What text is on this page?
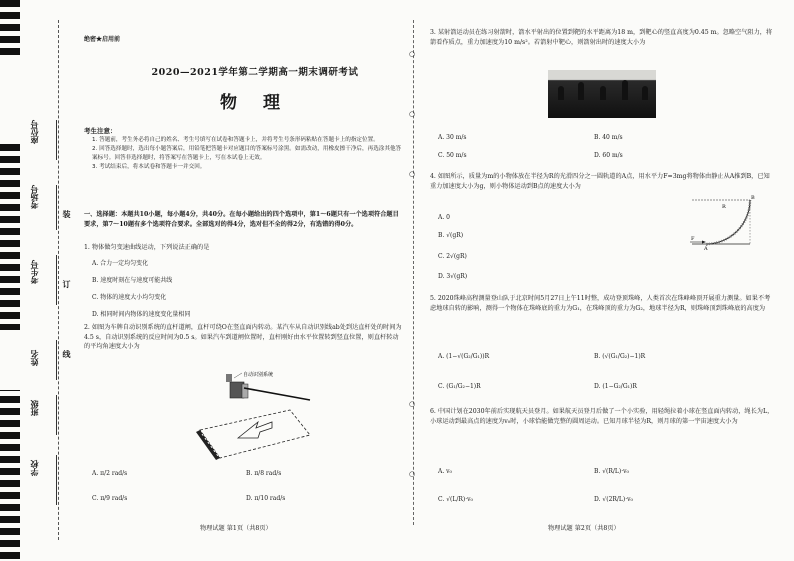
座位号
考场号
考生号
姓名
班级
学校
装
订
线
绝密★启用前
2020—2021学年第二学期高一期末调研考试
物 理
考生注意：

1. 答题前，考生务必将自己的姓名、考生号填写在试卷和答题卡上，并将考生号条形码粘贴在答题卡上的指定位置。

2. 回答选择题时，选出每小题答案后，用铅笔把答题卡对应题目的答案标号涂黑。如需改动，用橡皮擦干净后，再选涂其他答案标号。回答非选择题时，将答案写在答题卡上，写在本试卷上无效。

3. 考试结束后，将本试卷和答题卡一并交回。

一、选择题：本题共10小题，每小题4分，共40分。在每小题给出的四个选项中，第1～6题只有一个选项符合题目要求，第7～10题有多个选项符合要求。全部选对的得4分，选对但不全的得2分，有选错的得0分。
1. 物体做匀变速曲线运动，下列说法正确的是
A. 合力一定均匀变化
B. 速度时刻在与速度可能共线
C. 物体的速度大小均匀变化
D. 相同时间内物体的速度变化量相同
2. 如图为车牌自动识别系统的直杆道闸，直杆可绕O在竖直面内转动。某汽车从自动识别线ab处到达直杆处的时间为4.5 s，自动识别系统的反应时间为0.5 s。如果汽车到道闸位置时，直杆刚好由水平位置转到竖直位置，则直杆转动的平均角速度大小为
自动识别系统
A. π/2 rad/s	B. π/8 rad/s
C. π/9 rad/s	D. π/10 rad/s
物理试题 第1页（共8页）
○
○
○
○
○
3. 某射箭运动员在练习射箭时，箭水平射出的位置到靶的水平距离为18 m，到靶心的竖直高度为0.45 m。忽略空气阻力，将箭看作质点，重力加速度为10 m/s²。若箭射中靶心，则箭射出时的速度大小为
A. 30 m/s	B. 40 m/s
C. 50 m/s	D. 60 m/s
4. 如图所示，质量为m的小物体放在半径为R的光滑四分之一圆轨道的A点，用水平力F=3mg将物体由静止从A推到B，已知重力加速度大小为g，则小物体运动到B点的速度大小为
R
B
A
F
A. 0
B. √(gR)
C. 2√(gR)
D. 3√(gR)
5. 2020珠峰高程测量登山队于北京时间5月27日上午11时整，成功登顶珠峰，人类首次在珠峰峰顶开展重力测量。如果不考虑地球自转的影响，测得一个物体在珠峰底的重力为G₁，在珠峰顶的重力为G₂，地球半径为R，则珠峰顶到珠峰底的高度为
A. (1−√(G₂/G₁))R	B. (√(G₁/G₂)−1)R
C. (G₁/G₂−1)R	D. (1−G₂/G₁)R
6. 中国计划在2030年前后实现航天员登月。如果航天员登月后做了一个小实验，用轻绳拉着小球在竖直面内转动，绳长为L，小球运动到最高点的速度为v₀时，小球恰能做完整的圆周运动。已知月球半径为R，则月球的第一宇宙速度大小为
A. v₀	B. √(R/L)·v₀
C. √(L/R)·v₀	D. √(2R/L)·v₀
物理试题 第2页（共8页）
